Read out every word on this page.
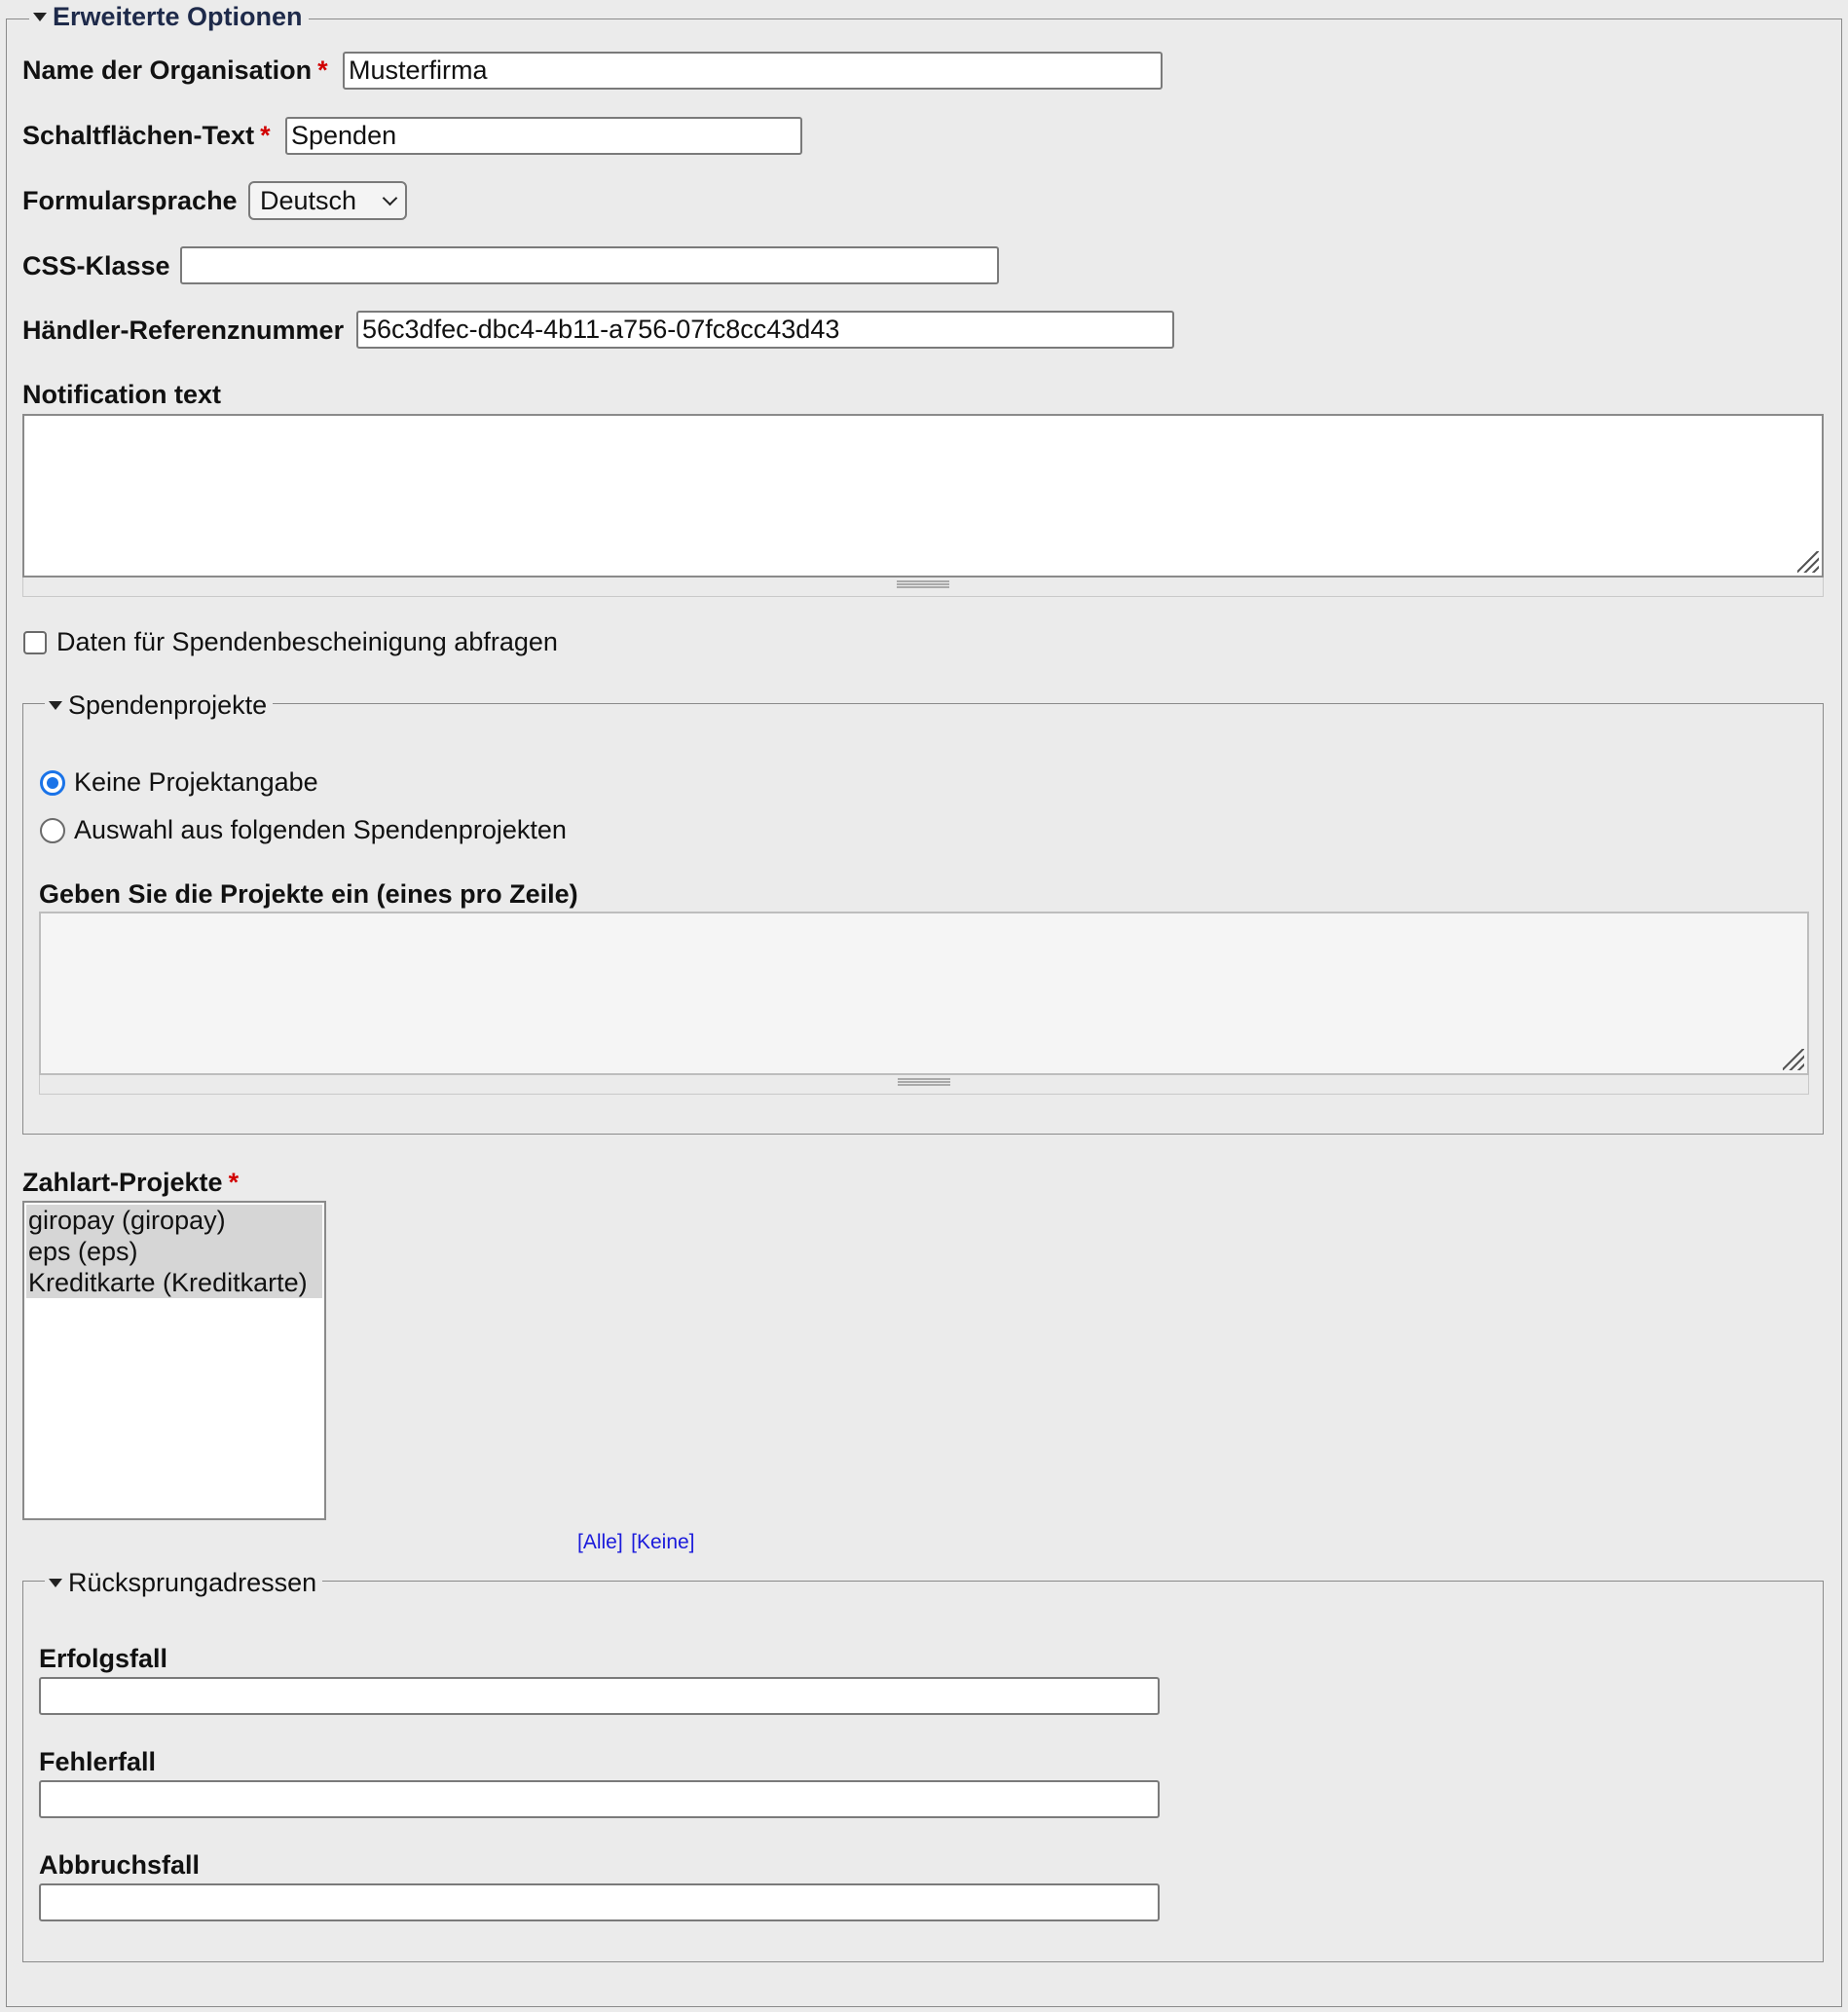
Erweiterte Optionen
Name der Organisation * Musterfirma
Schaltflächen-Text * Spenden
Formularsprache Deutsch
CSS-Klasse
Händler-Referenznummer 56c3dfec-dbc4-4b11-a756-07fc8cc43d43
Notification text
Daten für Spendenbescheinigung abfragen
Spendenprojekte
Keine Projektangabe
Auswahl aus folgenden Spendenprojekten
Geben Sie die Projekte ein (eines pro Zeile)
Zahlart-Projekte *
giropay (giropay)
eps (eps)
Kreditkarte (Kreditkarte)
[Alle] [Keine]
Rücksprungadressen
Erfolgsfall
Fehlerfall
Abbruchsfall
